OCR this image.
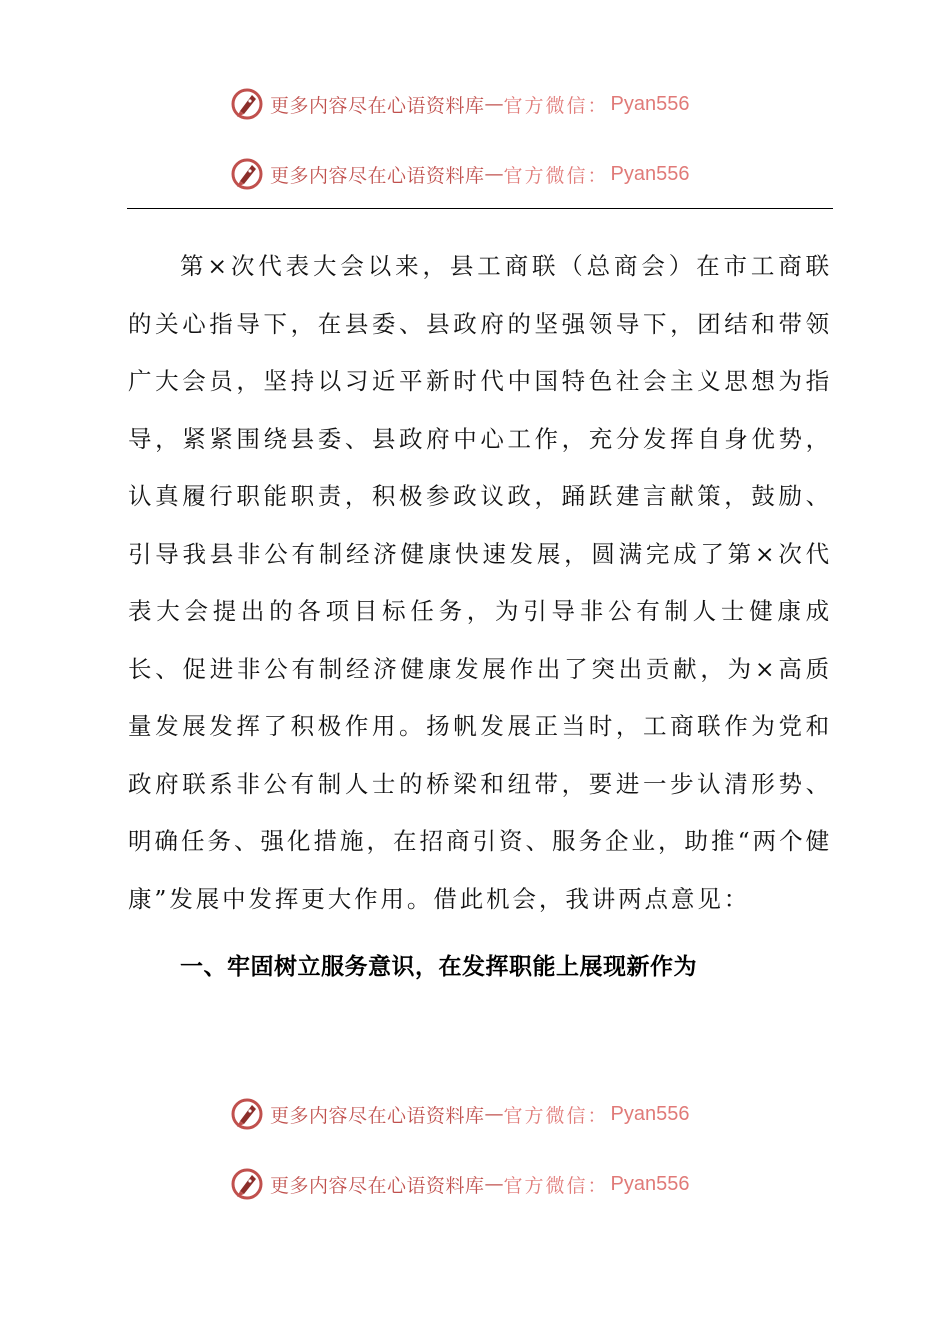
更多内容尽在心语资料库 — 官方微信： Pyan556
更多内容尽在心语资料库 — 官方微信： Pyan556

第×次代表大会以来，县工商联（总商会）在市工商联的关心指导下，在县委、县政府的坚强领导下，团结和带领广大会员，坚持以习近平新时代中国特色社会主义思想为指导，紧紧围绕县委、县政府中心工作，充分发挥自身优势，认真履行职能职责，积极参政议政，踊跃建言献策，鼓励、引导我县非公有制经济健康快速发展，圆满完成了第×次代表大会提出的各项目标任务，为引导非公有制人士健康成长、促进非公有制经济健康发展作出了突出贡献，为×高质量发展发挥了积极作用。扬帆发展正当时，工商联作为党和政府联系非公有制人士的桥梁和纽带，要进一步认清形势、明确任务、强化措施，在招商引资、服务企业，助推“两个健康”发展中发挥更大作用。借此机会，我讲两点意见：

一、牢固树立服务意识，在发挥职能上展现新作为
更多内容尽在心语资料库 — 官方微信： Pyan556
更多内容尽在心语资料库 — 官方微信： Pyan556
